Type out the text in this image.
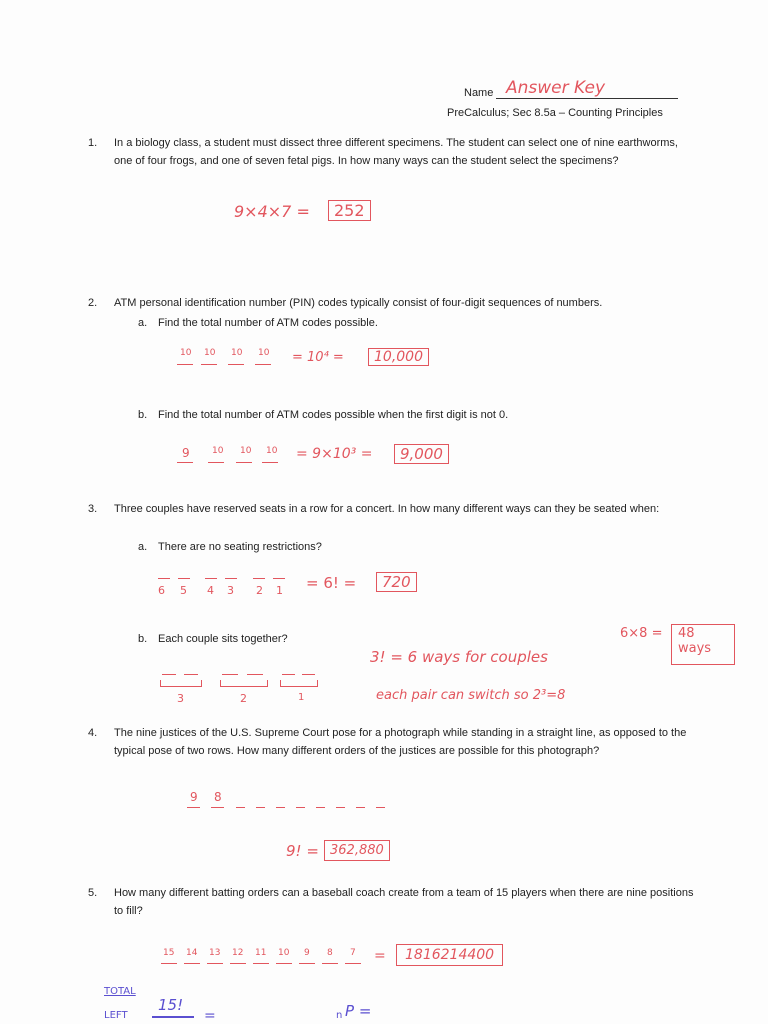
Name Answer Key
PreCalculus; Sec 8.5a – Counting Principles
1. In a biology class, a student must dissect three different specimens. The student can select one of nine earthworms, one of four frogs, and one of seven fetal pigs. In how many ways can the student select the specimens?
9×4×7 =	252
2. ATM personal identification number (PIN) codes typically consist of four-digit sequences of numbers.
a. Find the total number of ATM codes possible.
10 10 10 10 = 10⁴ =	10,000
b. Find the total number of ATM codes possible when the first digit is not 0.
9 10 10 10 = 9×10³ =	9,000
3. Three couples have reserved seats in a row for a concert. In how many different ways can they be seated when:
a. There are no seating restrictions?
6 5 4 3 2 1 = 6! =	720
b. Each couple sits together?
3	2	1
3! = 6 ways for couples
each pair can switch so 2³=8
6×8 =	48 ways
4. The nine justices of the U.S. Supreme Court pose for a photograph while standing in a straight line, as opposed to the typical pose of two rows. How many different orders of the justices are possible for this photograph?
9 8
9! = 362,880
5. How many different batting orders can a baseball coach create from a team of 15 players when there are nine positions to fill?
15 14 13 12 11 10 9 8 7 =	1816214400
TOTAL
LEFT
15!
=	n P =
